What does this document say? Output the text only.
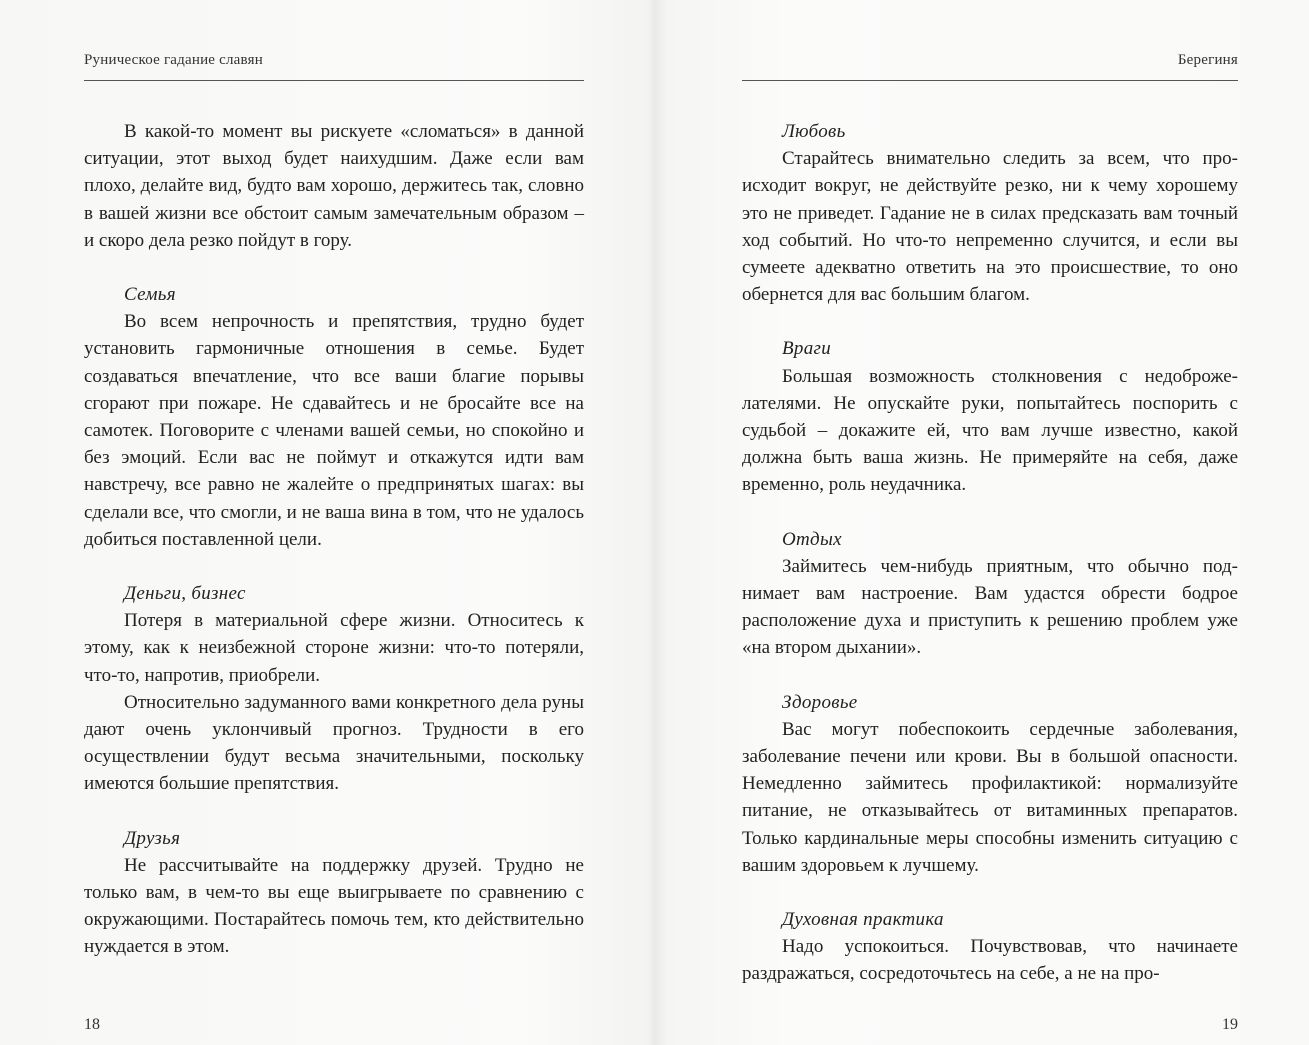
Руническое гадание славян

В какой-то момент вы рискуете «сломаться» в данной ситуации, этот выход будет наихудшим. Даже если вам плохо, делайте вид, будто вам хорошо, держитесь так, словно в вашей жизни все обстоит самым замечательным образом – и скоро дела резко пойдут в гору.

Семья

Во всем непрочность и препятствия, трудно будет установить гармоничные отношения в семье. Будет создаваться впечатление, что все ваши благие порывы сгорают при пожаре. Не сдавайтесь и не бросайте все на самотек. Поговорите с членами вашей семьи, но спокойно и без эмоций. Если вас не поймут и откажутся идти вам навстречу, все равно не жалейте о предпринятых шагах: вы сделали все, что смогли, и не ваша вина в том, что не удалось добиться поставленной цели.

Деньги, бизнес

Потеря в материальной сфере жизни. Относитесь к этому, как к неизбежной стороне жизни: что-то потеряли, что-то, напротив, приобрели.

Относительно задуманного вами конкретного дела руны дают очень уклончивый прогноз. Трудности в его осуществлении будут весьма значительными, поскольку имеются большие препятствия.

Друзья

Не рассчитывайте на поддержку друзей. Трудно не только вам, в чем-то вы еще выигрываете по сравнению с окружающими. Постарайтесь помочь тем, кто действительно нуждается в этом.

18
Берегиня

Любовь

Старайтесь внимательно следить за всем, что происходит вокруг, не действуйте резко, ни к чему хорошему это не приведет. Гадание не в силах предсказать вам точный ход событий. Но что-то непременно случится, и если вы сумеете адекватно ответить на это происшествие, то оно обернется для вас большим благом.

Враги

Большая возможность столкновения с недоброжелателями. Не опускайте руки, попытайтесь поспорить с судьбой – докажите ей, что вам лучше известно, какой должна быть ваша жизнь. Не примеряйте на себя, даже временно, роль неудачника.

Отдых

Займитесь чем-нибудь приятным, что обычно поднимает вам настроение. Вам удастся обрести бодрое расположение духа и приступить к решению проблем уже «на втором дыхании».

Здоровье

Вас могут побеспокоить сердечные заболевания, заболевание печени или крови. Вы в большой опасности. Немедленно займитесь профилактикой: нормализуйте питание, не отказывайтесь от витаминных препаратов. Только кардинальные меры способны изменить ситуацию с вашим здоровьем к лучшему.

Духовная практика

Надо успокоиться. Почувствовав, что начинаете раздражаться, сосредоточьтесь на себе, а не на про-

19
